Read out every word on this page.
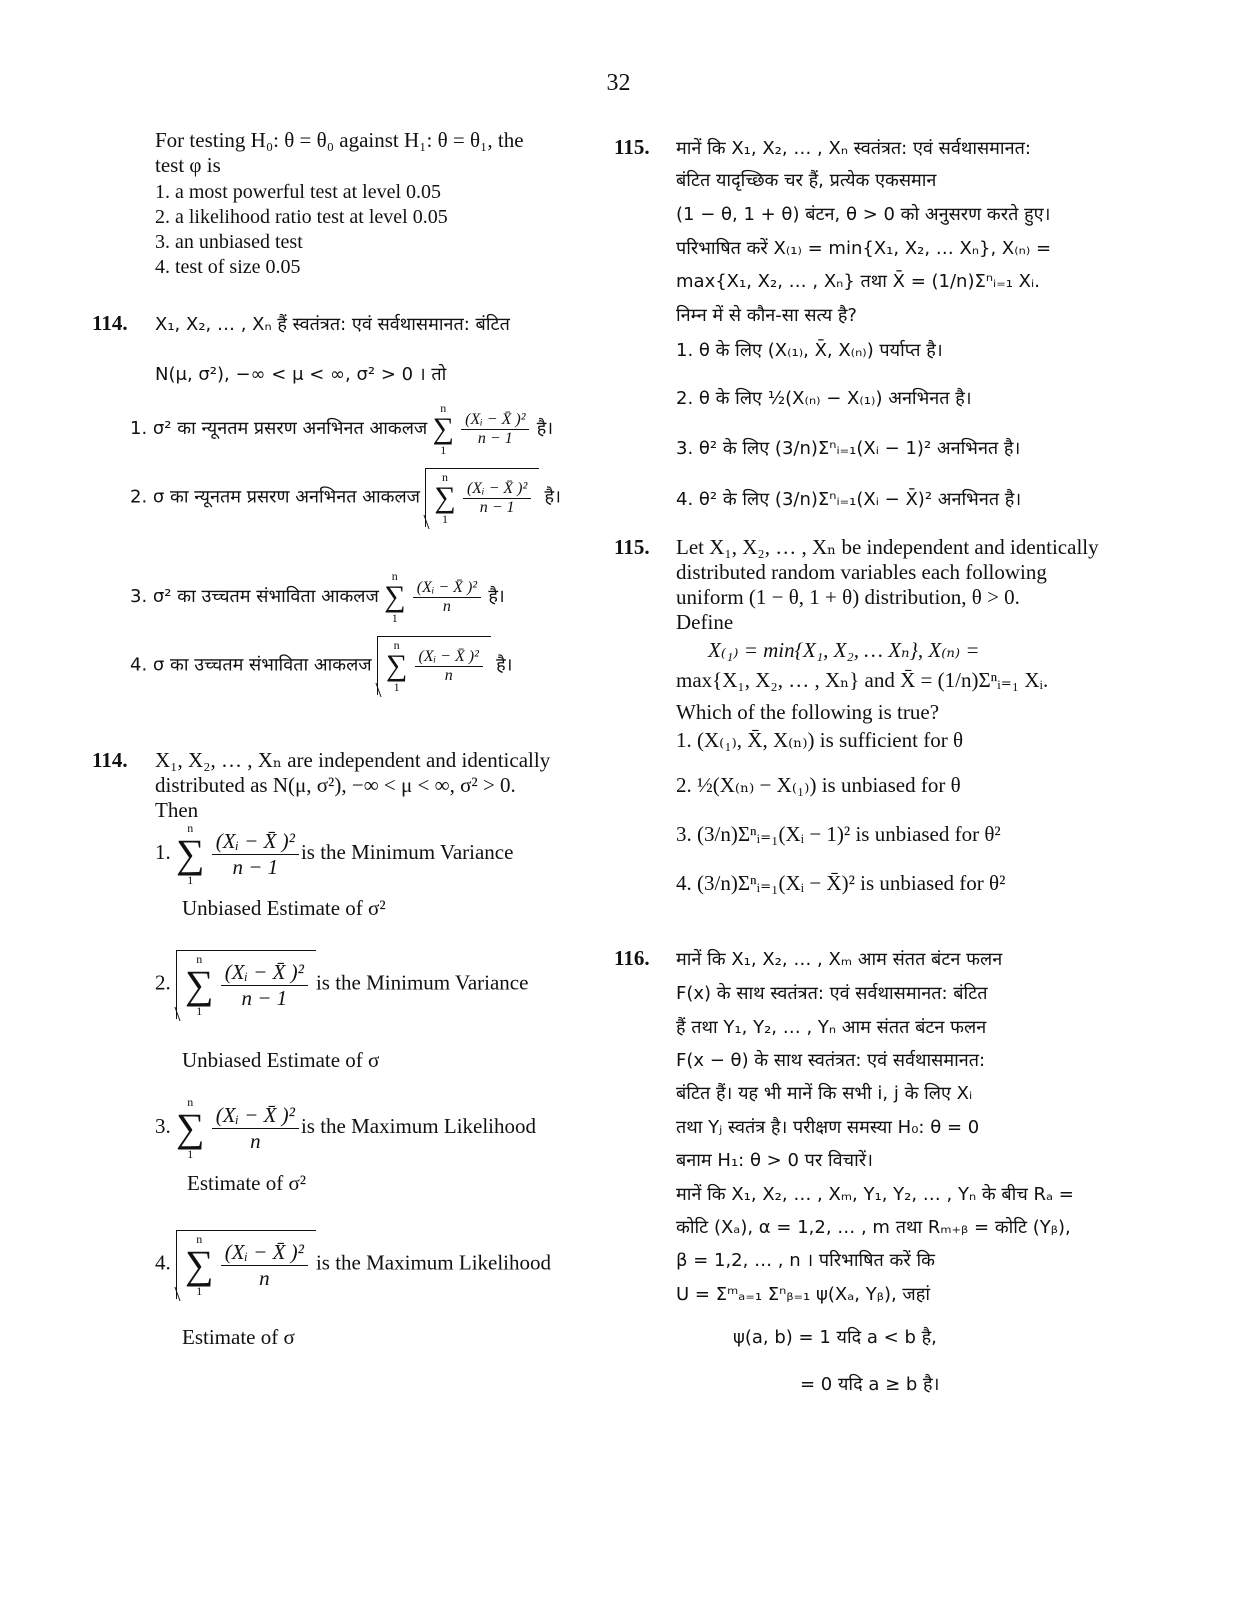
32
For testing H₀: θ = θ₀ against H₁: θ = θ₁, the
test φ is
1. a most powerful test at level 0.05
2. a likelihood ratio test at level 0.05
3. an unbiased test
4. test of size 0.05
114. X₁, X₂, … , Xₙ हैं स्वतंत्रत: एवं सर्वथासमानत: बंटित
N(μ, σ²), −∞ < μ < ∞, σ² > 0 । तो
1. σ² का न्यूनतम प्रसरण अनभिनत आकलज
n
∑
1

$\frac{\text{(Xᵢ − X̄ )²}}{n - 1}$ है।
2. σ का न्यूनतम प्रसरण अनभिनत आकलज
n
∑
1

$\frac{\text{(Xᵢ − X̄ )²}}{n - 1}$ है।
3. σ² का उच्चतम संभाविता आकलज
n
∑
1

$\frac{\text{(Xᵢ − X̄ )²}}{n}$ है।
4. σ का उच्चतम संभाविता आकलज
n
∑
1

$\frac{\text{(Xᵢ − X̄ )²}}{n}$ है।
114. X₁, X₂, … , Xₙ are independent and identically
distributed as N(μ, σ²), −∞ < μ < ∞, σ² > 0.
Then
1.
n
∑
1

$\frac{\text{(Xᵢ − X̄ )²}}{n - 1}$ is the Minimum Variance
Unbiased Estimate of σ²
2.
n
∑
1

$\frac{\text{(Xᵢ − X̄ )²}}{n - 1}$ is the Minimum Variance
Unbiased Estimate of σ
3.
n
∑
1

$\frac{\text{(Xᵢ − X̄ )²}}{n}$ is the Maximum Likelihood
Estimate of σ²
4.
n
∑
1

$\frac{\text{(Xᵢ − X̄ )²}}{n}$ is the Maximum Likelihood
Estimate of σ
115. मानें कि X₁, X₂, … , Xₙ स्वतंत्रत: एवं सर्वथासमानत:
बंटित यादृच्छिक चर हैं, प्रत्येक एकसमान
(1 − θ, 1 + θ) बंटन, θ > 0 को अनुसरण करते हुए।
परिभाषित करें X₍₁₎ = min{X₁, X₂, … Xₙ}, X₍ₙ₎ =
max{X₁, X₂, … , Xₙ} तथा X̄ = (1/n)Σⁿᵢ₌₁ Xᵢ.
निम्न में से कौन-सा सत्य है?
1. θ के लिए (X₍₁₎, X̄, X₍ₙ₎) पर्याप्त है।
2. θ के लिए ½(X₍ₙ₎ − X₍₁₎) अनभिनत है।
3. θ² के लिए (3/n)Σⁿᵢ₌₁(Xᵢ − 1)² अनभिनत है।
4. θ² के लिए (3/n)Σⁿᵢ₌₁(Xᵢ − X̄)² अनभिनत है।
115. Let X₁, X₂, … , Xₙ be independent and identically
distributed random variables each following
uniform (1 − θ, 1 + θ) distribution, θ > 0.
Define
X₍₁₎ = min{X₁, X₂, … Xₙ}, X₍ₙ₎ =
max{X₁, X₂, … , Xₙ} and X̄ = (1/n)Σⁿᵢ₌₁ Xᵢ.
Which of the following is true?
1. (X₍₁₎, X̄, X₍ₙ₎) is sufficient for θ
2. ½(X₍ₙ₎ − X₍₁₎) is unbiased for θ
3. (3/n)Σⁿᵢ₌₁(Xᵢ − 1)² is unbiased for θ²
4. (3/n)Σⁿᵢ₌₁(Xᵢ − X̄)² is unbiased for θ²
116. मानें कि X₁, X₂, … , Xₘ आम संतत बंटन फलन
F(x) के साथ स्वतंत्रत: एवं सर्वथासमानत: बंटित
हैं तथा Y₁, Y₂, … , Yₙ आम संतत बंटन फलन
F(x − θ) के साथ स्वतंत्रत: एवं सर्वथासमानत:
बंटित हैं। यह भी मानें कि सभी i, j के लिए Xᵢ
तथा Yⱼ स्वतंत्र है। परीक्षण समस्या H₀: θ = 0
बनाम H₁: θ > 0 पर विचारें।
मानें कि X₁, X₂, … , Xₘ, Y₁, Y₂, … , Yₙ के बीच Rₐ =
कोटि (Xₐ), α = 1,2, … , m तथा Rₘ₊ᵦ = कोटि (Yᵦ),
β = 1,2, … , n । परिभाषित करें कि
U = Σᵐₐ₌₁ Σⁿᵦ₌₁ ψ(Xₐ, Yᵦ), जहां
ψ(a, b) = 1 यदि a < b है,
= 0 यदि a ≥ b है।
